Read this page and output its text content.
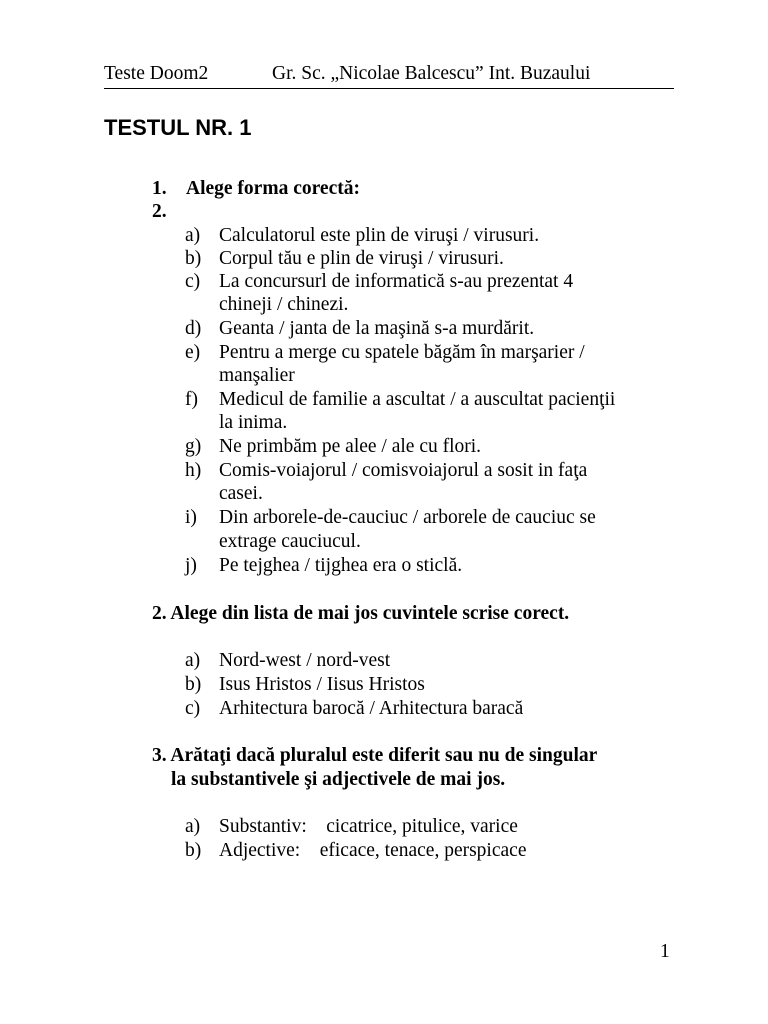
Teste Doom2	Gr. Sc. „Nicolae Balcescu” Int. Buzaului
TESTUL NR. 1
1. Alege forma corectă:
2.
a) Calculatorul este plin de viruşi / virusuri.
b) Corpul tău e plin de viruşi / virusuri.
c) La concursurl de informatică s-au prezentat 4
chineji / chinezi.
d) Geanta / janta de la maşină s-a murdărit.
e) Pentru a merge cu spatele băgăm în marşarier /
manşalier
f) Medicul de familie a ascultat / a auscultat pacienţii
la inima.
g) Ne primbăm pe alee / ale cu flori.
h) Comis-voiajorul / comisvoiajorul a sosit in faţa
casei.
i) Din arborele-de-cauciuc / arborele de cauciuc se
extrage cauciucul.
j) Pe tejghea / tijghea era o sticlă.
2. Alege din lista de mai jos cuvintele scrise corect.
a) Nord-west / nord-vest
b) Isus Hristos / Iisus Hristos
c) Arhitectura barocă / Arhitectura baracă
3. Arătaţi dacă pluralul este diferit sau nu de singular
la substantivele şi adjectivele de mai jos.
a) Substantiv:    cicatrice, pitulice, varice
b) Adjective:    eficace, tenace, perspicace
1
